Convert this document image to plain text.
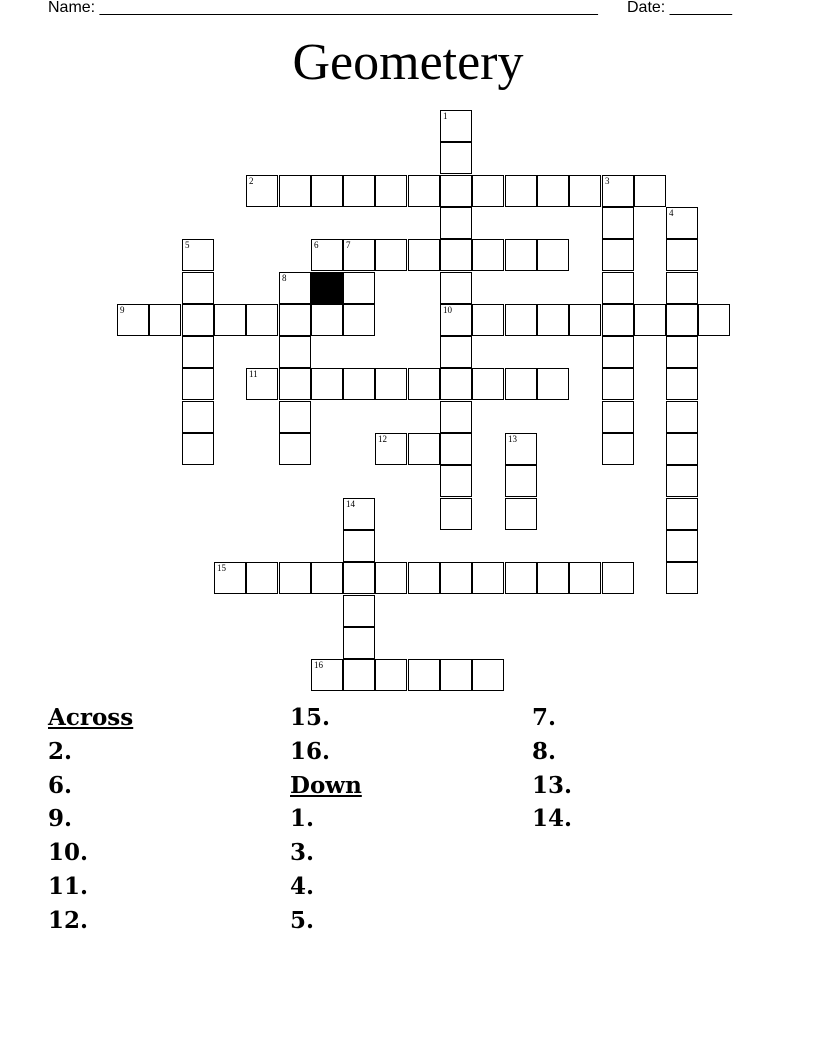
Name: ________________________________________________________ Date: _______
Geometery
2	3
6	7
9	10
11
12
15
16
1
4
5
8
13
14
Across
2.
6.
9.
10.
11.
12.
15.
16.
Down
1.
3.
4.
5.
7.
8.
13.
14.
